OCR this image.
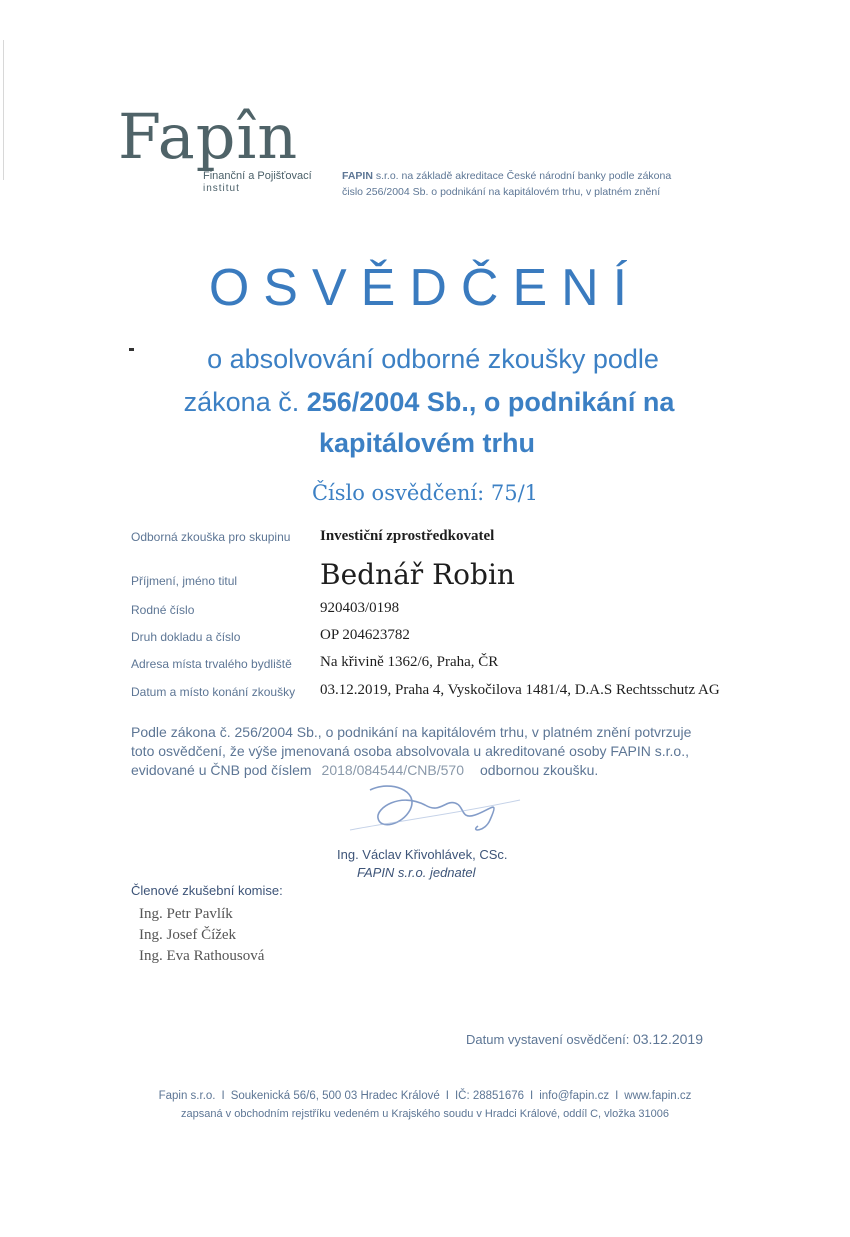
Fapîn
Finanční a Pojišťovací
institut
FAPIN s.r.o. na základě akreditace České národní banky podle zákona
čislo 256/2004 Sb. o podnikání na kapitálovém trhu, v platném znění
OSVĚDČENÍ
o absolvování odborné zkoušky podle
zákona č. 256/2004 Sb., o podnikání na
kapitálovém trhu
Číslo osvědčení: 75/1
Odborná zkouška pro skupinu Investiční zprostředkovatel
Příjmení, jméno titul	Bednář Robin
Rodné číslo	920403/0198
Druh dokladu a číslo	OP 204623782
Adresa místa trvalého bydliště Na křivině 1362/6, Praha, ČR
Datum a místo konání zkoušky 03.12.2019, Praha 4, Vyskočilova 1481/4, D.A.S Rechtsschutz AG

Podle zákona č. 256/2004 Sb., o podnikání na kapitálovém trhu, v platném znění potvrzuje

toto osvědčení, že výše jmenovaná osoba absolvovala u akreditované osoby FAPIN s.r.o.,

evidované u ČNB pod číslem 2018/084544/CNB/570 odbornou zkoušku.

Ing. Václav Křivohlávek, CSc.
FAPIN s.r.o. jednatel
Členové zkušební komise:
Ing. Petr Pavlík
Ing. Josef Čížek
Ing. Eva Rathousová
Datum vystavení osvědčení: 03.12.2019
Fapin s.r.o. I Soukenická 56/6, 500 03 Hradec Králové I IČ: 28851676 I info@fapin.cz I www.fapin.cz
zapsaná v obchodním rejstříku vedeném u Krajského soudu v Hradci Králové, oddíl C, vložka 31006
